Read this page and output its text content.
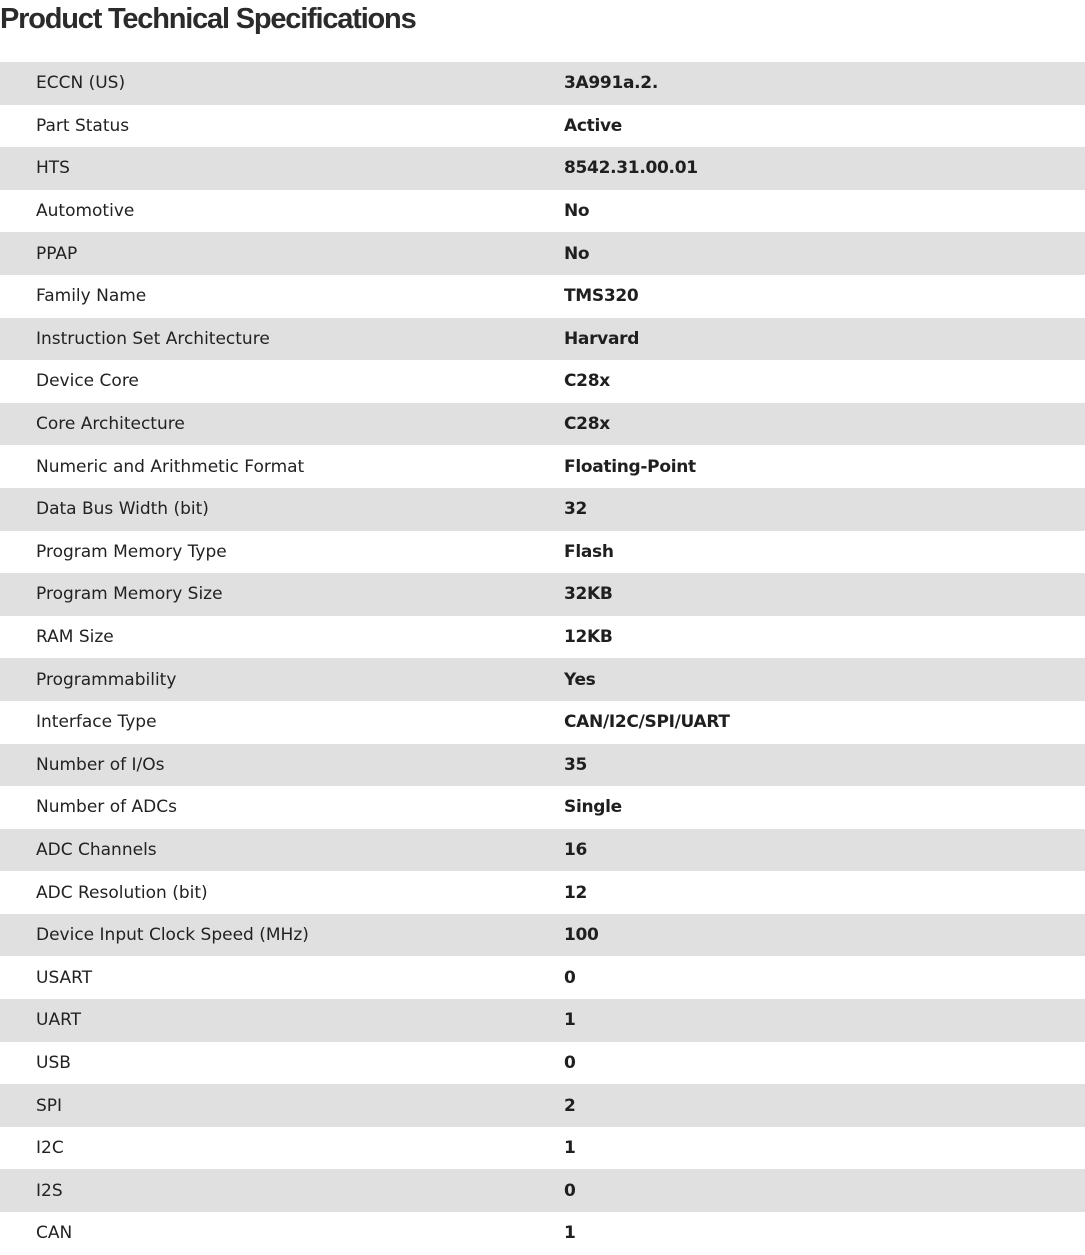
Product Technical Specifications
ECCN (US)	3A991a.2.
Part Status	Active
HTS	8542.31.00.01
Automotive	No
PPAP	No
Family Name	TMS320
Instruction Set Architecture	Harvard
Device Core	C28x
Core Architecture	C28x
Numeric and Arithmetic Format	Floating-Point
Data Bus Width (bit)	32
Program Memory Type	Flash
Program Memory Size	32KB
RAM Size	12KB
Programmability	Yes
Interface Type	CAN/I2C/SPI/UART
Number of I/Os	35
Number of ADCs	Single
ADC Channels	16
ADC Resolution (bit)	12
Device Input Clock Speed (MHz)	100
USART	0
UART	1
USB	0
SPI	2
I2C	1
I2S	0
CAN	1
